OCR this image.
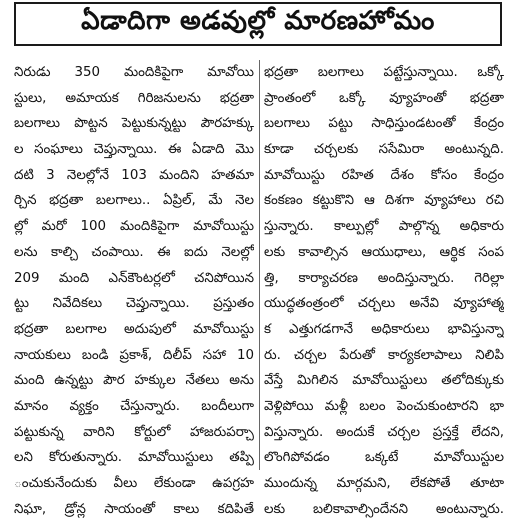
ఏడాదిగా అడవుల్లో మారణహోమం
నిరుడు 350 మందికిపైగా మావోయి
స్టులు, అమాయక గిరిజనులను భద్రతా
బలగాలు పొట్టన పెట్టుకున్నట్టు పౌరహక్కు
ల సంఘాలు చెప్తున్నాయి. ఈ ఏడాది మొ
దటి 3 నెలల్లోనే 103 మందిని హతమా
ర్చిన భద్రతా బలగాలు.. ఏప్రిల్, మే నెల
ల్లో మరో 100 మందికిపైగా మావోయిస్టు
లను కాల్చి చంపాయి. ఈ ఐదు నెలల్లో
209 మంది ఎన్‌కౌంటర్లలో చనిపోయిన
ట్టు నివేదికలు చెప్తున్నాయి. ప్రస్తుతం
భద్రతా బలగాల అదుపులో మావోయిస్టు
నాయకులు బండి ప్రకాశ్, దిలీప్ సహా 10
మంది ఉన్నట్టు పౌర హక్కుల నేతలు అను
మానం వ్యక్తం చేస్తున్నారు. బందీలుగా
పట్టుకున్న వారిని కోర్టులో హాజరుపర్చా
లని కోరుతున్నారు. మావోయిస్టులు తప్పి
ంచుకునేందుకు వీలు లేకుండా ఉపగ్రహ
నిఘా, డ్రోన్ల సాయంతో కాలు కదిపితే
భద్రతా బలగాలు పట్టేస్తున్నాయి. ఒక్కో
ప్రాంతంలో ఒక్కో వ్యూహంతో భద్రతా
బలగాలు పట్టు సాధిస్తుండటంతో కేంద్రం
కూడా చర్చలకు ససేమిరా అంటున్నది.
మావోయిస్టు రహిత దేశం కోసం కేంద్రం
కంకణం కట్టుకొని ఆ దిశగా వ్యూహాలు రచి
స్తున్నారు. కాల్పుల్లో పాల్గొన్న అధికారు
లకు కావాల్సిన ఆయుధాలు, ఆర్థిక సంప
త్తి, కార్యాచరణ అందిస్తున్నారు. గెరిల్లా
యుద్ధతంత్రంలో చర్చలు అనేవి వ్యూహాత్మ
క ఎత్తుగడగానే అధికారులు భావిస్తున్నా
రు. చర్చల పేరుతో కార్యకలాపాలు నిలిపి
వేస్తే మిగిలిన మావోయిస్టులు తలోదిక్కుకు
వెళ్లిపోయి మళ్లీ బలం పెంచుకుంటారని భా
విస్తున్నారు. అందుకే చర్చల ప్రస్తక్తే లేదని,
లొంగిపోవడం ఒక్కటే మావోయిస్టుల
ముందున్న మార్గమని, లేకపోతే తూటా
లకు బలికావాల్సిందేనని అంటున్నారు.
